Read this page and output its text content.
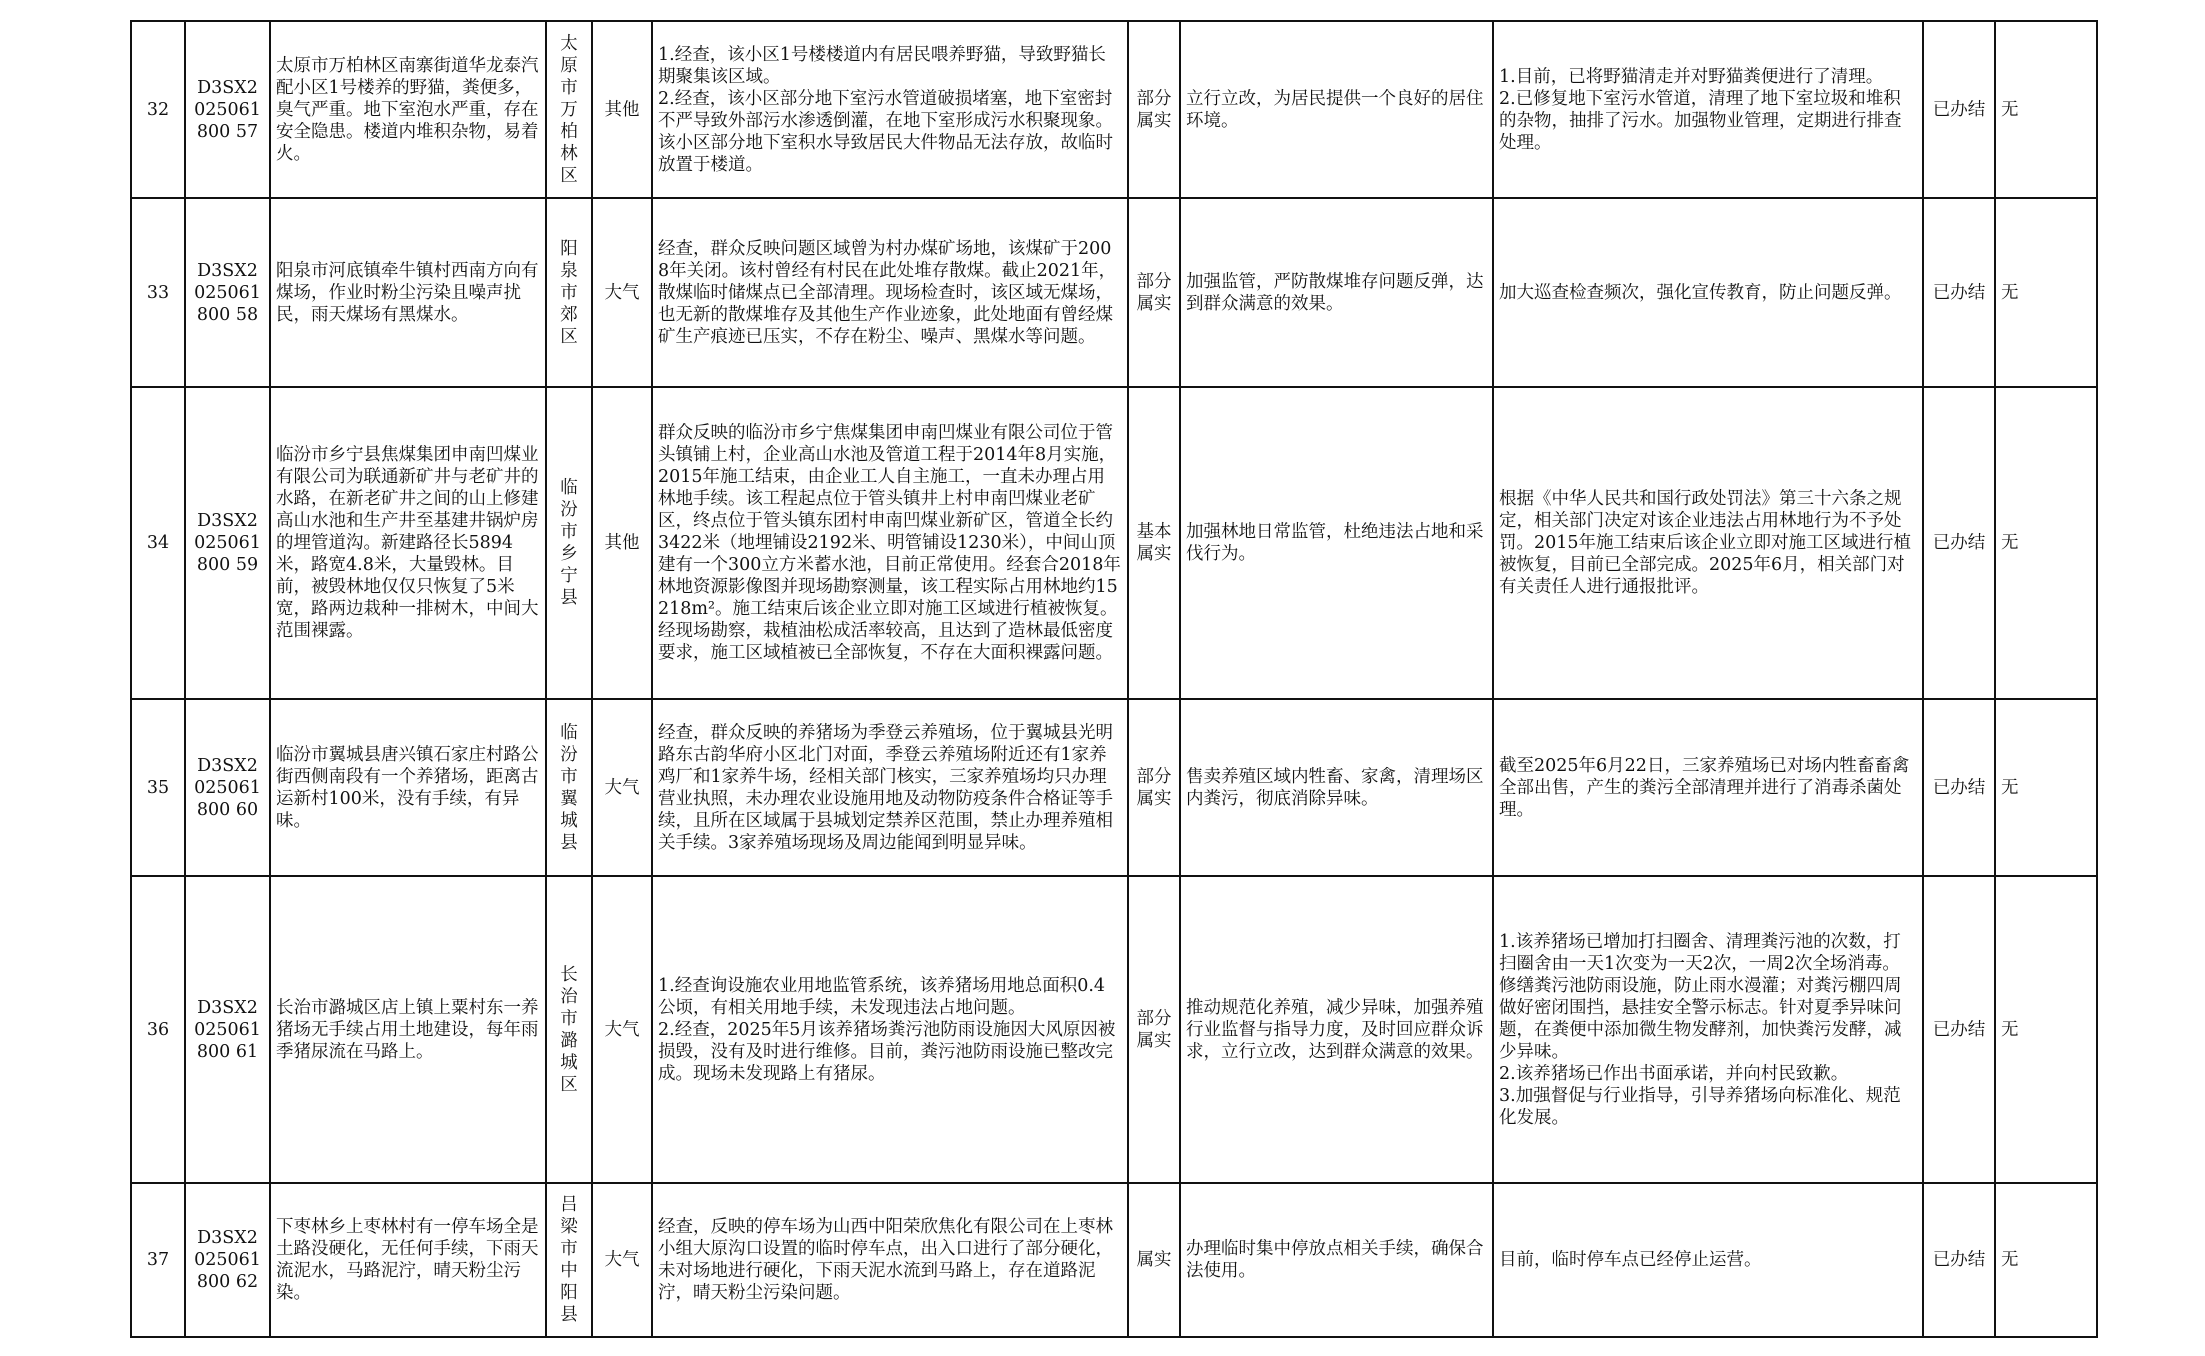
32	D3SX2025061800 57	太原市万柏林区南寨街道华龙泰汽配小区1号楼养的野猫，粪便多，臭气严重。地下室泡水严重，存在安全隐患。楼道内堆积杂物，易着火。	太原市万柏林区	其他	1.经查，该小区1号楼楼道内有居民喂养野猫，导致野猫长期聚集该区域。
2.经查，该小区部分地下室污水管道破损堵塞，地下室密封不严导致外部污水渗透倒灌，在地下室形成污水积聚现象。该小区部分地下室积水导致居民大件物品无法存放，故临时放置于楼道。	部分属实	立行立改，为居民提供一个良好的居住环境。	1.目前，已将野猫清走并对野猫粪便进行了清理。
2.已修复地下室污水管道，清理了地下室垃圾和堆积的杂物，抽排了污水。加强物业管理，定期进行排查处理。	已办结	无
33	D3SX2025061800 58	阳泉市河底镇牵牛镇村西南方向有煤场，作业时粉尘污染且噪声扰民，雨天煤场有黑煤水。	阳泉市郊区	大气	经查，群众反映问题区域曾为村办煤矿场地，该煤矿于2008年关闭。该村曾经有村民在此处堆存散煤。截止2021年，散煤临时储煤点已全部清理。现场检查时，该区域无煤场，也无新的散煤堆存及其他生产作业迹象，此处地面有曾经煤矿生产痕迹已压实，不存在粉尘、噪声、黑煤水等问题。	部分属实	加强监管，严防散煤堆存问题反弹，达到群众满意的效果。	加大巡查检查频次，强化宣传教育，防止问题反弹。	已办结	无
34	D3SX2025061800 59	临汾市乡宁县焦煤集团申南凹煤业有限公司为联通新矿井与老矿井的水路，在新老矿井之间的山上修建高山水池和生产井至基建井锅炉房的埋管道沟。新建路径长5894米，路宽4.8米，大量毁林。目前，被毁林地仅仅只恢复了5米宽，路两边栽种一排树木，中间大范围裸露。	临汾市乡宁县	其他	群众反映的临汾市乡宁焦煤集团申南凹煤业有限公司位于管头镇铺上村，企业高山水池及管道工程于2014年8月实施，2015年施工结束，由企业工人自主施工，一直未办理占用林地手续。该工程起点位于管头镇井上村申南凹煤业老矿区，终点位于管头镇东团村申南凹煤业新矿区，管道全长约3422米（地埋铺设2192米、明管铺设1230米），中间山顶建有一个300立方米蓄水池，目前正常使用。经套合2018年林地资源影像图并现场勘察测量，该工程实际占用林地约15218m²。施工结束后该企业立即对施工区域进行植被恢复。经现场勘察，栽植油松成活率较高，且达到了造林最低密度要求，施工区域植被已全部恢复，不存在大面积裸露问题。	基本属实	加强林地日常监管，杜绝违法占地和采伐行为。	根据《中华人民共和国行政处罚法》第三十六条之规定，相关部门决定对该企业违法占用林地行为不予处罚。2015年施工结束后该企业立即对施工区域进行植被恢复，目前已全部完成。2025年6月，相关部门对有关责任人进行通报批评。	已办结	无
35	D3SX2025061800 60	临汾市翼城县唐兴镇石家庄村路公街西侧南段有一个养猪场，距离古运新村100米，没有手续，有异味。	临汾市翼城县	大气	经查，群众反映的养猪场为季登云养殖场，位于翼城县光明路东古韵华府小区北门对面，季登云养殖场附近还有1家养鸡厂和1家养牛场，经相关部门核实，三家养殖场均只办理营业执照，未办理农业设施用地及动物防疫条件合格证等手续，且所在区域属于县城划定禁养区范围，禁止办理养殖相关手续。3家养殖场现场及周边能闻到明显异味。	部分属实	售卖养殖区域内牲畜、家禽，清理场区内粪污，彻底消除异味。	截至2025年6月22日，三家养殖场已对场内牲畜畜禽全部出售，产生的粪污全部清理并进行了消毒杀菌处理。	已办结	无
36	D3SX2025061800 61	长治市潞城区店上镇上粟村东一养猪场无手续占用土地建设，每年雨季猪尿流在马路上。	长治市潞城区	大气	1.经查询设施农业用地监管系统，该养猪场用地总面积0.4公顷，有相关用地手续，未发现违法占地问题。
2.经查，2025年5月该养猪场粪污池防雨设施因大风原因被损毁，没有及时进行维修。目前，粪污池防雨设施已整改完成。现场未发现路上有猪尿。	部分属实	推动规范化养殖，减少异味，加强养殖行业监督与指导力度，及时回应群众诉求，立行立改，达到群众满意的效果。	1.该养猪场已增加打扫圈舍、清理粪污池的次数，打扫圈舍由一天1次变为一天2次，一周2次全场消毒。修缮粪污池防雨设施，防止雨水漫灌；对粪污棚四周做好密闭围挡，悬挂安全警示标志。针对夏季异味问题，在粪便中添加微生物发酵剂，加快粪污发酵，减少异味。
2.该养猪场已作出书面承诺，并向村民致歉。
3.加强督促与行业指导，引导养猪场向标准化、规范化发展。	已办结	无
37	D3SX2025061800 62	下枣林乡上枣林村有一停车场全是土路没硬化，无任何手续，下雨天流泥水，马路泥泞，晴天粉尘污染。	吕梁市中阳县	大气	经查，反映的停车场为山西中阳荣欣焦化有限公司在上枣林小组大原沟口设置的临时停车点，出入口进行了部分硬化，未对场地进行硬化，下雨天泥水流到马路上，存在道路泥泞，晴天粉尘污染问题。	属实	办理临时集中停放点相关手续，确保合法使用。	目前，临时停车点已经停止运营。	已办结	无
